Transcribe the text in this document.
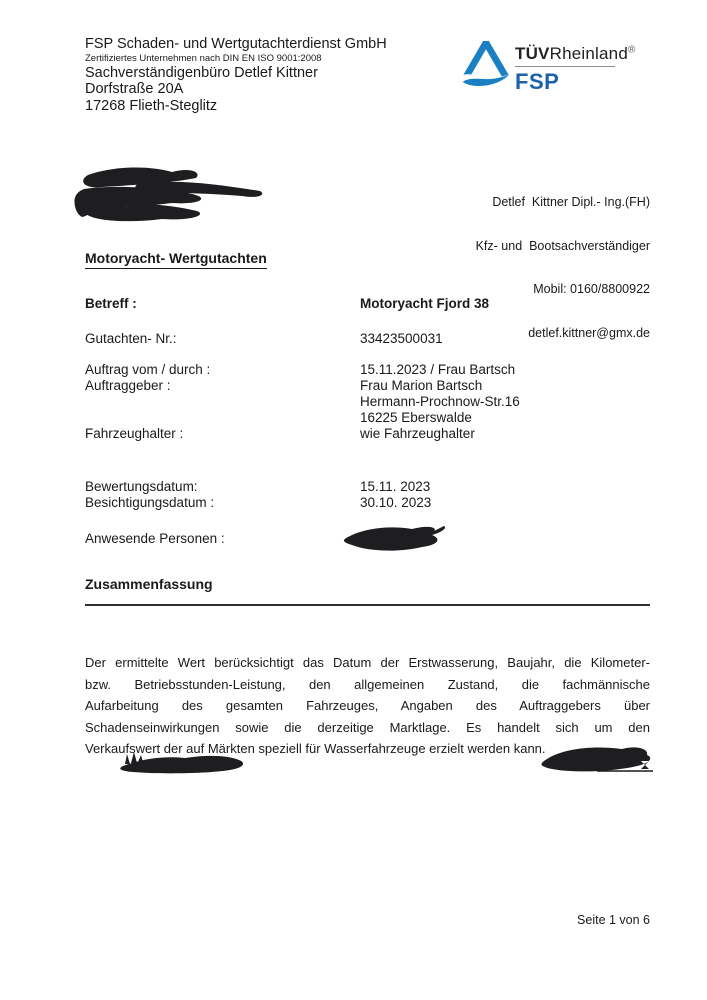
FSP Schaden- und Wertgutachterdienst GmbH
Zertifiziertes Unternehmen nach DIN EN ISO 9001:2008
Sachverständigenbüro Detlef Kittner
Dorfstraße 20A
17268 Flieth-Steglitz
TÜVRheinland®
FSP

Detlef  Kittner Dipl.- Ing.(FH)

Kfz- und  Bootsachverständiger

Mobil: 0160/8800922

detlef.kittner@gmx.de

Motoryacht- Wertgutachten
Betreff :	Motoryacht Fjord 38
Gutachten- Nr.:	33423500031
Auftrag vom / durch :	15.11.2023 / Frau Bartsch
Auftraggeber :	Frau Marion Bartsch
Hermann-Prochnow-Str.16
16225 Eberswalde
Fahrzeughalter :	wie Fahrzeughalter
Bewertungsdatum:	15.11. 2023
Besichtigungsdatum :	30.10. 2023
Anwesende Personen :
Zusammenfassung
Der ermittelte Wert berücksichtigt das Datum der Erstwasserung, Baujahr, die Kilometer-
bzw. Betriebsstunden-Leistung, den allgemeinen Zustand, die fachmännische
Aufarbeitung des gesamten Fahrzeuges, Angaben des Auftraggebers über
Schadenseinwirkungen sowie die derzeitige Marktlage. Es handelt sich um den
Verkaufswert der auf Märkten speziell für Wasserfahrzeuge erzielt werden kann.
Seite 1 von 6
